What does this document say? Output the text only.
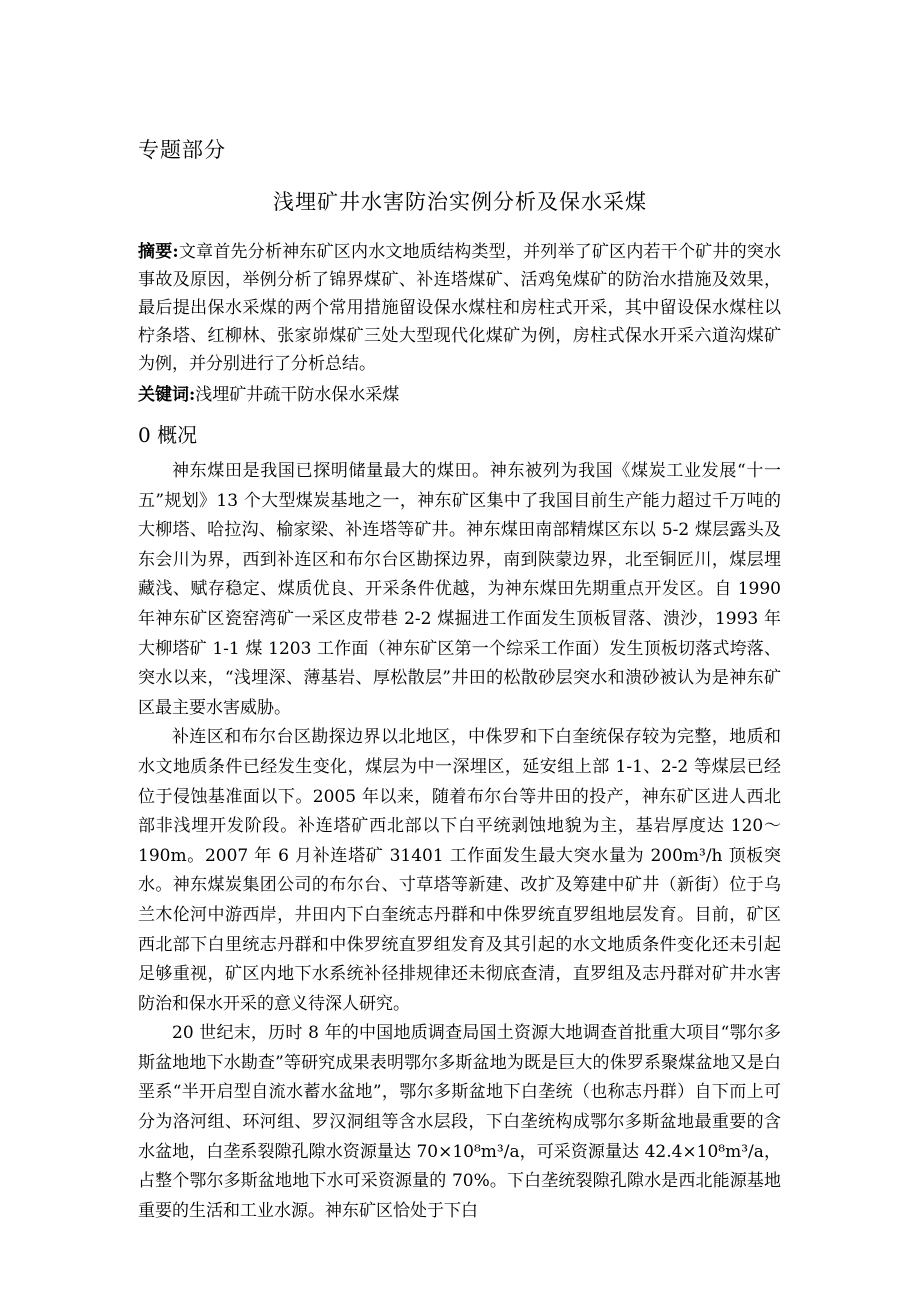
专题部分
浅埋矿井水害防治实例分析及保水采煤
摘要:文章首先分析神东矿区内水文地质结构类型，并列举了矿区内若干个矿井的突水事故及原因，举例分析了锦界煤矿、补连塔煤矿、活鸡兔煤矿的防治水措施及效果，最后提出保水采煤的两个常用措施留设保水煤柱和房柱式开采，其中留设保水煤柱以柠条塔、红柳林、张家峁煤矿三处大型现代化煤矿为例，房柱式保水开采六道沟煤矿为例，并分别进行了分析总结。
关键词:浅埋矿井疏干防水保水采煤
0 概况

神东煤田是我国已探明储量最大的煤田。神东被列为我国《煤炭工业发展“十一五”规划》13 个大型煤炭基地之一，神东矿区集中了我国目前生产能力超过千万吨的大柳塔、哈拉沟、榆家梁、补连塔等矿井。神东煤田南部精煤区东以 5-2 煤层露头及东会川为界，西到补连区和布尔台区勘探边界，南到陕蒙边界，北至铜匠川，煤层埋藏浅、赋存稳定、煤质优良、开采条件优越，为神东煤田先期重点开发区。自 1990 年神东矿区瓷窑湾矿一采区皮带巷 2-2 煤掘进工作面发生顶板冒落、溃沙，1993 年大柳塔矿 1-1 煤 1203 工作面（神东矿区第一个综采工作面）发生顶板切落式垮落、突水以来，“浅埋深、薄基岩、厚松散层”井田的松散砂层突水和溃砂被认为是神东矿区最主要水害威胁。

补连区和布尔台区勘探边界以北地区，中侏罗和下白奎统保存较为完整，地质和水文地质条件已经发生变化，煤层为中一深埋区，延安组上部 1-1、2-2 等煤层已经位于侵蚀基准面以下。2005 年以来，随着布尔台等井田的投产，神东矿区进人西北部非浅埋开发阶段。补连塔矿西北部以下白平统剥蚀地貌为主，基岩厚度达 120～190m。2007 年 6 月补连塔矿 31401 工作面发生最大突水量为 200m³/h 顶板突水。神东煤炭集团公司的布尔台、寸草塔等新建、改扩及筹建中矿井（新街）位于乌兰木伦河中游西岸，井田内下白奎统志丹群和中侏罗统直罗组地层发育。目前，矿区西北部下白里统志丹群和中侏罗统直罗组发育及其引起的水文地质条件变化还未引起足够重视，矿区内地下水系统补径排规律还未彻底查清，直罗组及志丹群对矿井水害防治和保水开采的意义待深人研究。

20 世纪末，历时 8 年的中国地质调查局国土资源大地调查首批重大项目“鄂尔多斯盆地地下水勘查”等研究成果表明鄂尔多斯盆地为既是巨大的侏罗系聚煤盆地又是白垩系“半开启型自流水蓄水盆地”，鄂尔多斯盆地下白垄统（也称志丹群）自下而上可分为洛河组、环河组、罗汉洞组等含水层段，下白垄统构成鄂尔多斯盆地最重要的含水盆地，白垄系裂隙孔隙水资源量达 70×10⁸m³/a，可采资源量达 42.4×10⁸m³/a，占整个鄂尔多斯盆地地下水可采资源量的 70%。下白垄统裂隙孔隙水是西北能源基地重要的生活和工业水源。神东矿区恰处于下白
